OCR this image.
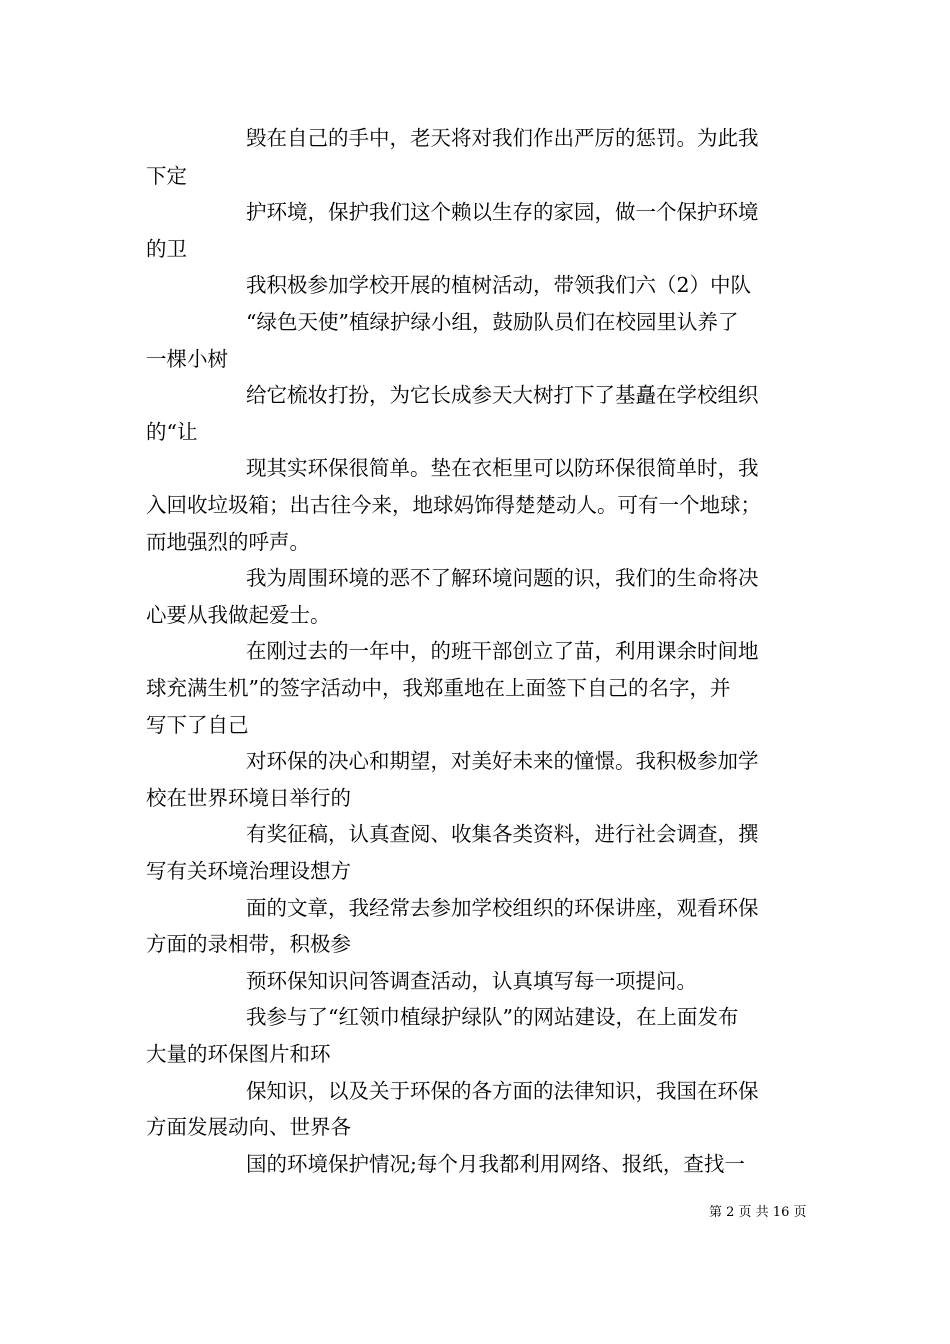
毁在自己的手中，老天将对我们作出严厉的惩罚。为此我
下定
护环境，保护我们这个赖以生存的家园，做一个保护环境
的卫
我积极参加学校开展的植树活动，带领我们六（2）中队
“绿色天使”植绿护绿小组，鼓励队员们在校园里认养了
一棵小树
给它梳妆打扮，为它长成参天大树打下了基矗在学校组织
的“让
现其实环保很简单。垫在衣柜里可以防环保很简单时，我
入回收垃圾箱；出古往今来，地球妈饰得楚楚动人。可有一个地球；
而地强烈的呼声。
我为周围环境的恶不了解环境问题的识，我们的生命将决
心要从我做起爱士。
在刚过去的一年中，的班干部创立了苗，利用课余时间地
球充满生机”的签字活动中，我郑重地在上面签下自己的名字，并
写下了自己
对环保的决心和期望，对美好未来的憧憬。我积极参加学
校在世界环境日举行的
有奖征稿，认真查阅、收集各类资料，进行社会调查，撰
写有关环境治理设想方
面的文章，我经常去参加学校组织的环保讲座，观看环保
方面的录相带，积极参
预环保知识问答调查活动，认真填写每一项提问。
我参与了“红领巾植绿护绿队”的网站建设，在上面发布
大量的环保图片和环
保知识，以及关于环保的各方面的法律知识，我国在环保
方面发展动向、世界各
国的环境保护情况;每个月我都利用网络、报纸，查找一
第 2 页 共 16 页
